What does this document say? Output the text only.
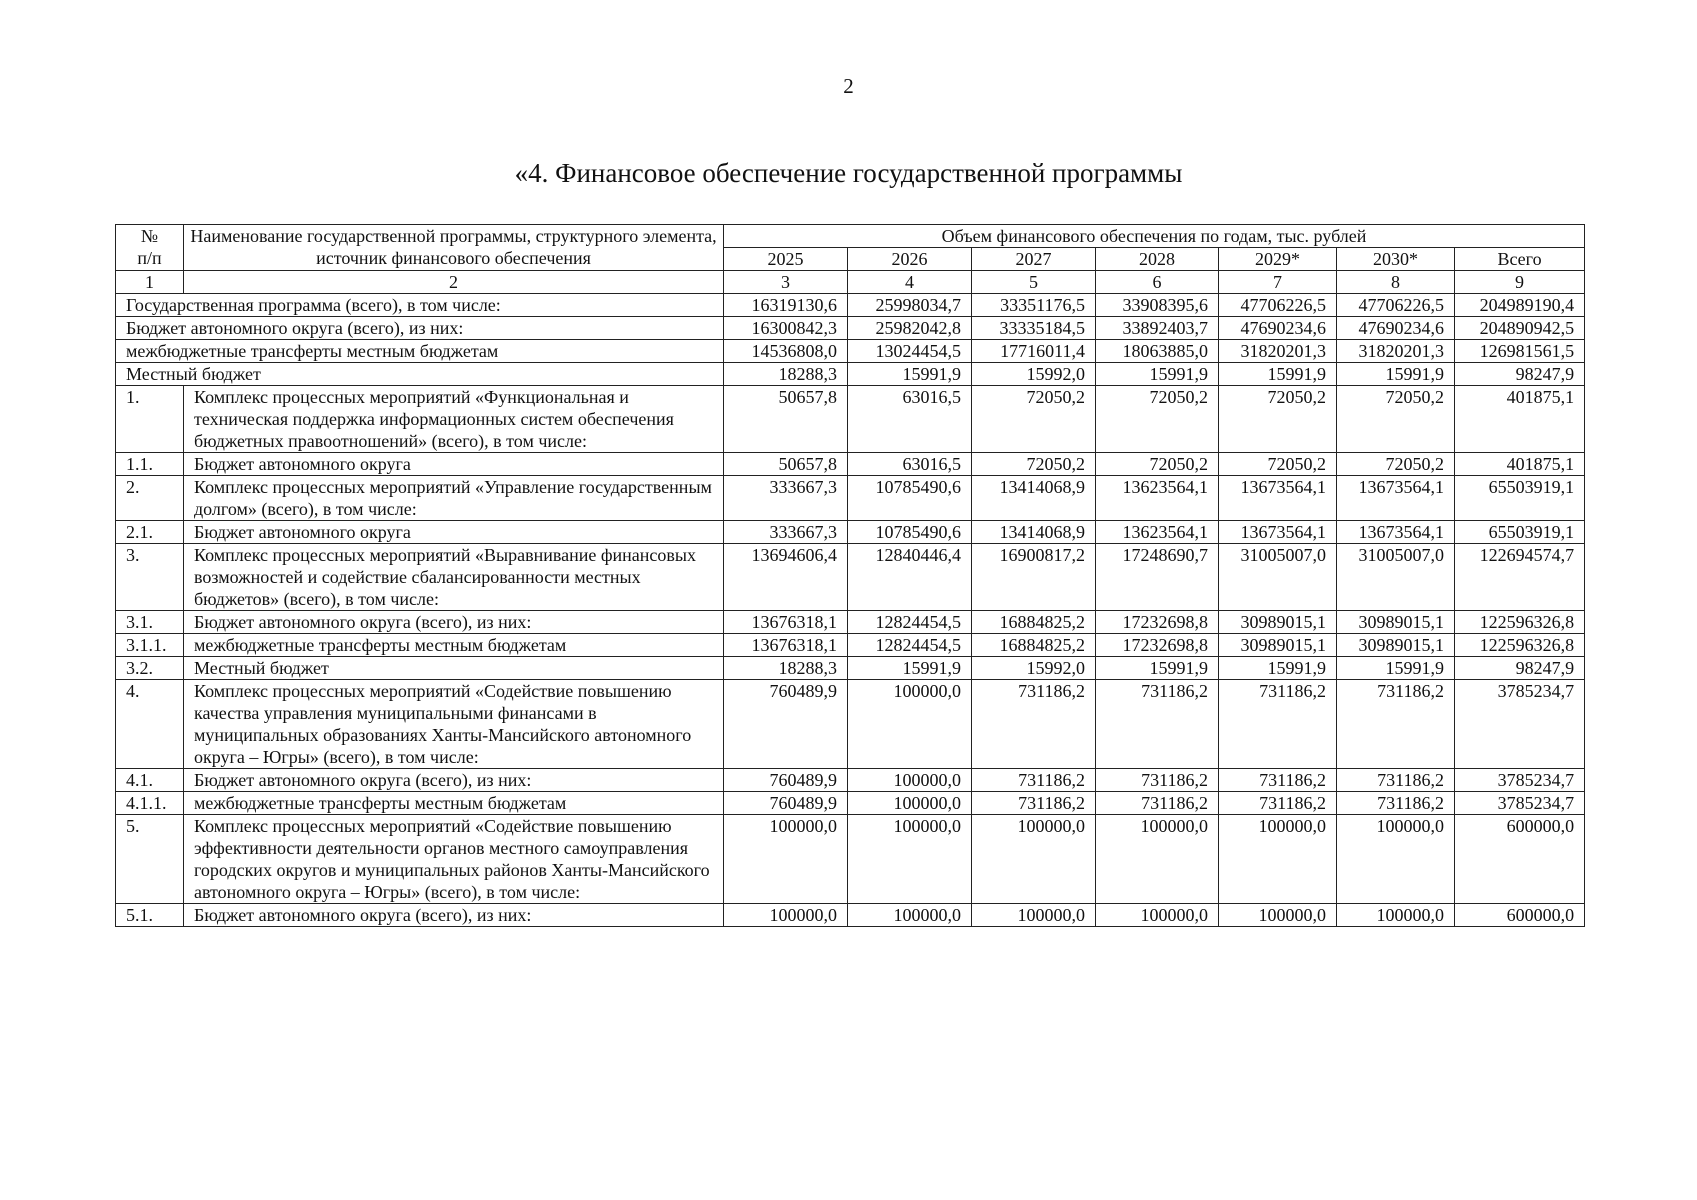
2
«4. Финансовое обеспечение государственной программы
№
п/п	Наименование государственной программы, структурного элемента, источник финансового обеспечения	Объем финансового обеспечения по годам, тыс. рублей						
		2025	2026	2027	2028	2029*	2030*	Всего
1	2	3	4	5	6	7	8	9
Государственная программа (всего), в том числе:		16319130,6	25998034,7	33351176,5	33908395,6	47706226,5	47706226,5	204989190,4
Бюджет автономного округа (всего), из них:		16300842,3	25982042,8	33335184,5	33892403,7	47690234,6	47690234,6	204890942,5
межбюджетные трансферты местным бюджетам		14536808,0	13024454,5	17716011,4	18063885,0	31820201,3	31820201,3	126981561,5
Местный бюджет		18288,3	15991,9	15992,0	15991,9	15991,9	15991,9	98247,9
1.	Комплекс процессных мероприятий «Функциональная и техническая поддержка информационных систем обеспечения бюджетных правоотношений» (всего), в том числе:	50657,8	63016,5	72050,2	72050,2	72050,2	72050,2	401875,1
1.1.	Бюджет автономного округа	50657,8	63016,5	72050,2	72050,2	72050,2	72050,2	401875,1
2.	Комплекс процессных мероприятий «Управление государственным долгом» (всего), в том числе:	333667,3	10785490,6	13414068,9	13623564,1	13673564,1	13673564,1	65503919,1
2.1.	Бюджет автономного округа	333667,3	10785490,6	13414068,9	13623564,1	13673564,1	13673564,1	65503919,1
3.	Комплекс процессных мероприятий «Выравнивание финансовых возможностей и содействие сбалансированности местных бюджетов» (всего), в том числе:	13694606,4	12840446,4	16900817,2	17248690,7	31005007,0	31005007,0	122694574,7
3.1.	Бюджет автономного округа (всего), из них:	13676318,1	12824454,5	16884825,2	17232698,8	30989015,1	30989015,1	122596326,8
3.1.1.	межбюджетные трансферты местным бюджетам	13676318,1	12824454,5	16884825,2	17232698,8	30989015,1	30989015,1	122596326,8
3.2.	Местный бюджет	18288,3	15991,9	15992,0	15991,9	15991,9	15991,9	98247,9
4.	Комплекс процессных мероприятий «Содействие повышению качества управления муниципальными финансами в муниципальных образованиях Ханты-Мансийского автономного округа – Югры» (всего), в том числе:	760489,9	100000,0	731186,2	731186,2	731186,2	731186,2	3785234,7
4.1.	Бюджет автономного округа (всего), из них:	760489,9	100000,0	731186,2	731186,2	731186,2	731186,2	3785234,7
4.1.1.	межбюджетные трансферты местным бюджетам	760489,9	100000,0	731186,2	731186,2	731186,2	731186,2	3785234,7
5.	Комплекс процессных мероприятий «Содействие повышению эффективности деятельности органов местного самоуправления городских округов и муниципальных районов Ханты-Мансийского автономного округа – Югры» (всего), в том числе:	100000,0	100000,0	100000,0	100000,0	100000,0	100000,0	600000,0
5.1.	Бюджет автономного округа (всего), из них:	100000,0	100000,0	100000,0	100000,0	100000,0	100000,0	600000,0
